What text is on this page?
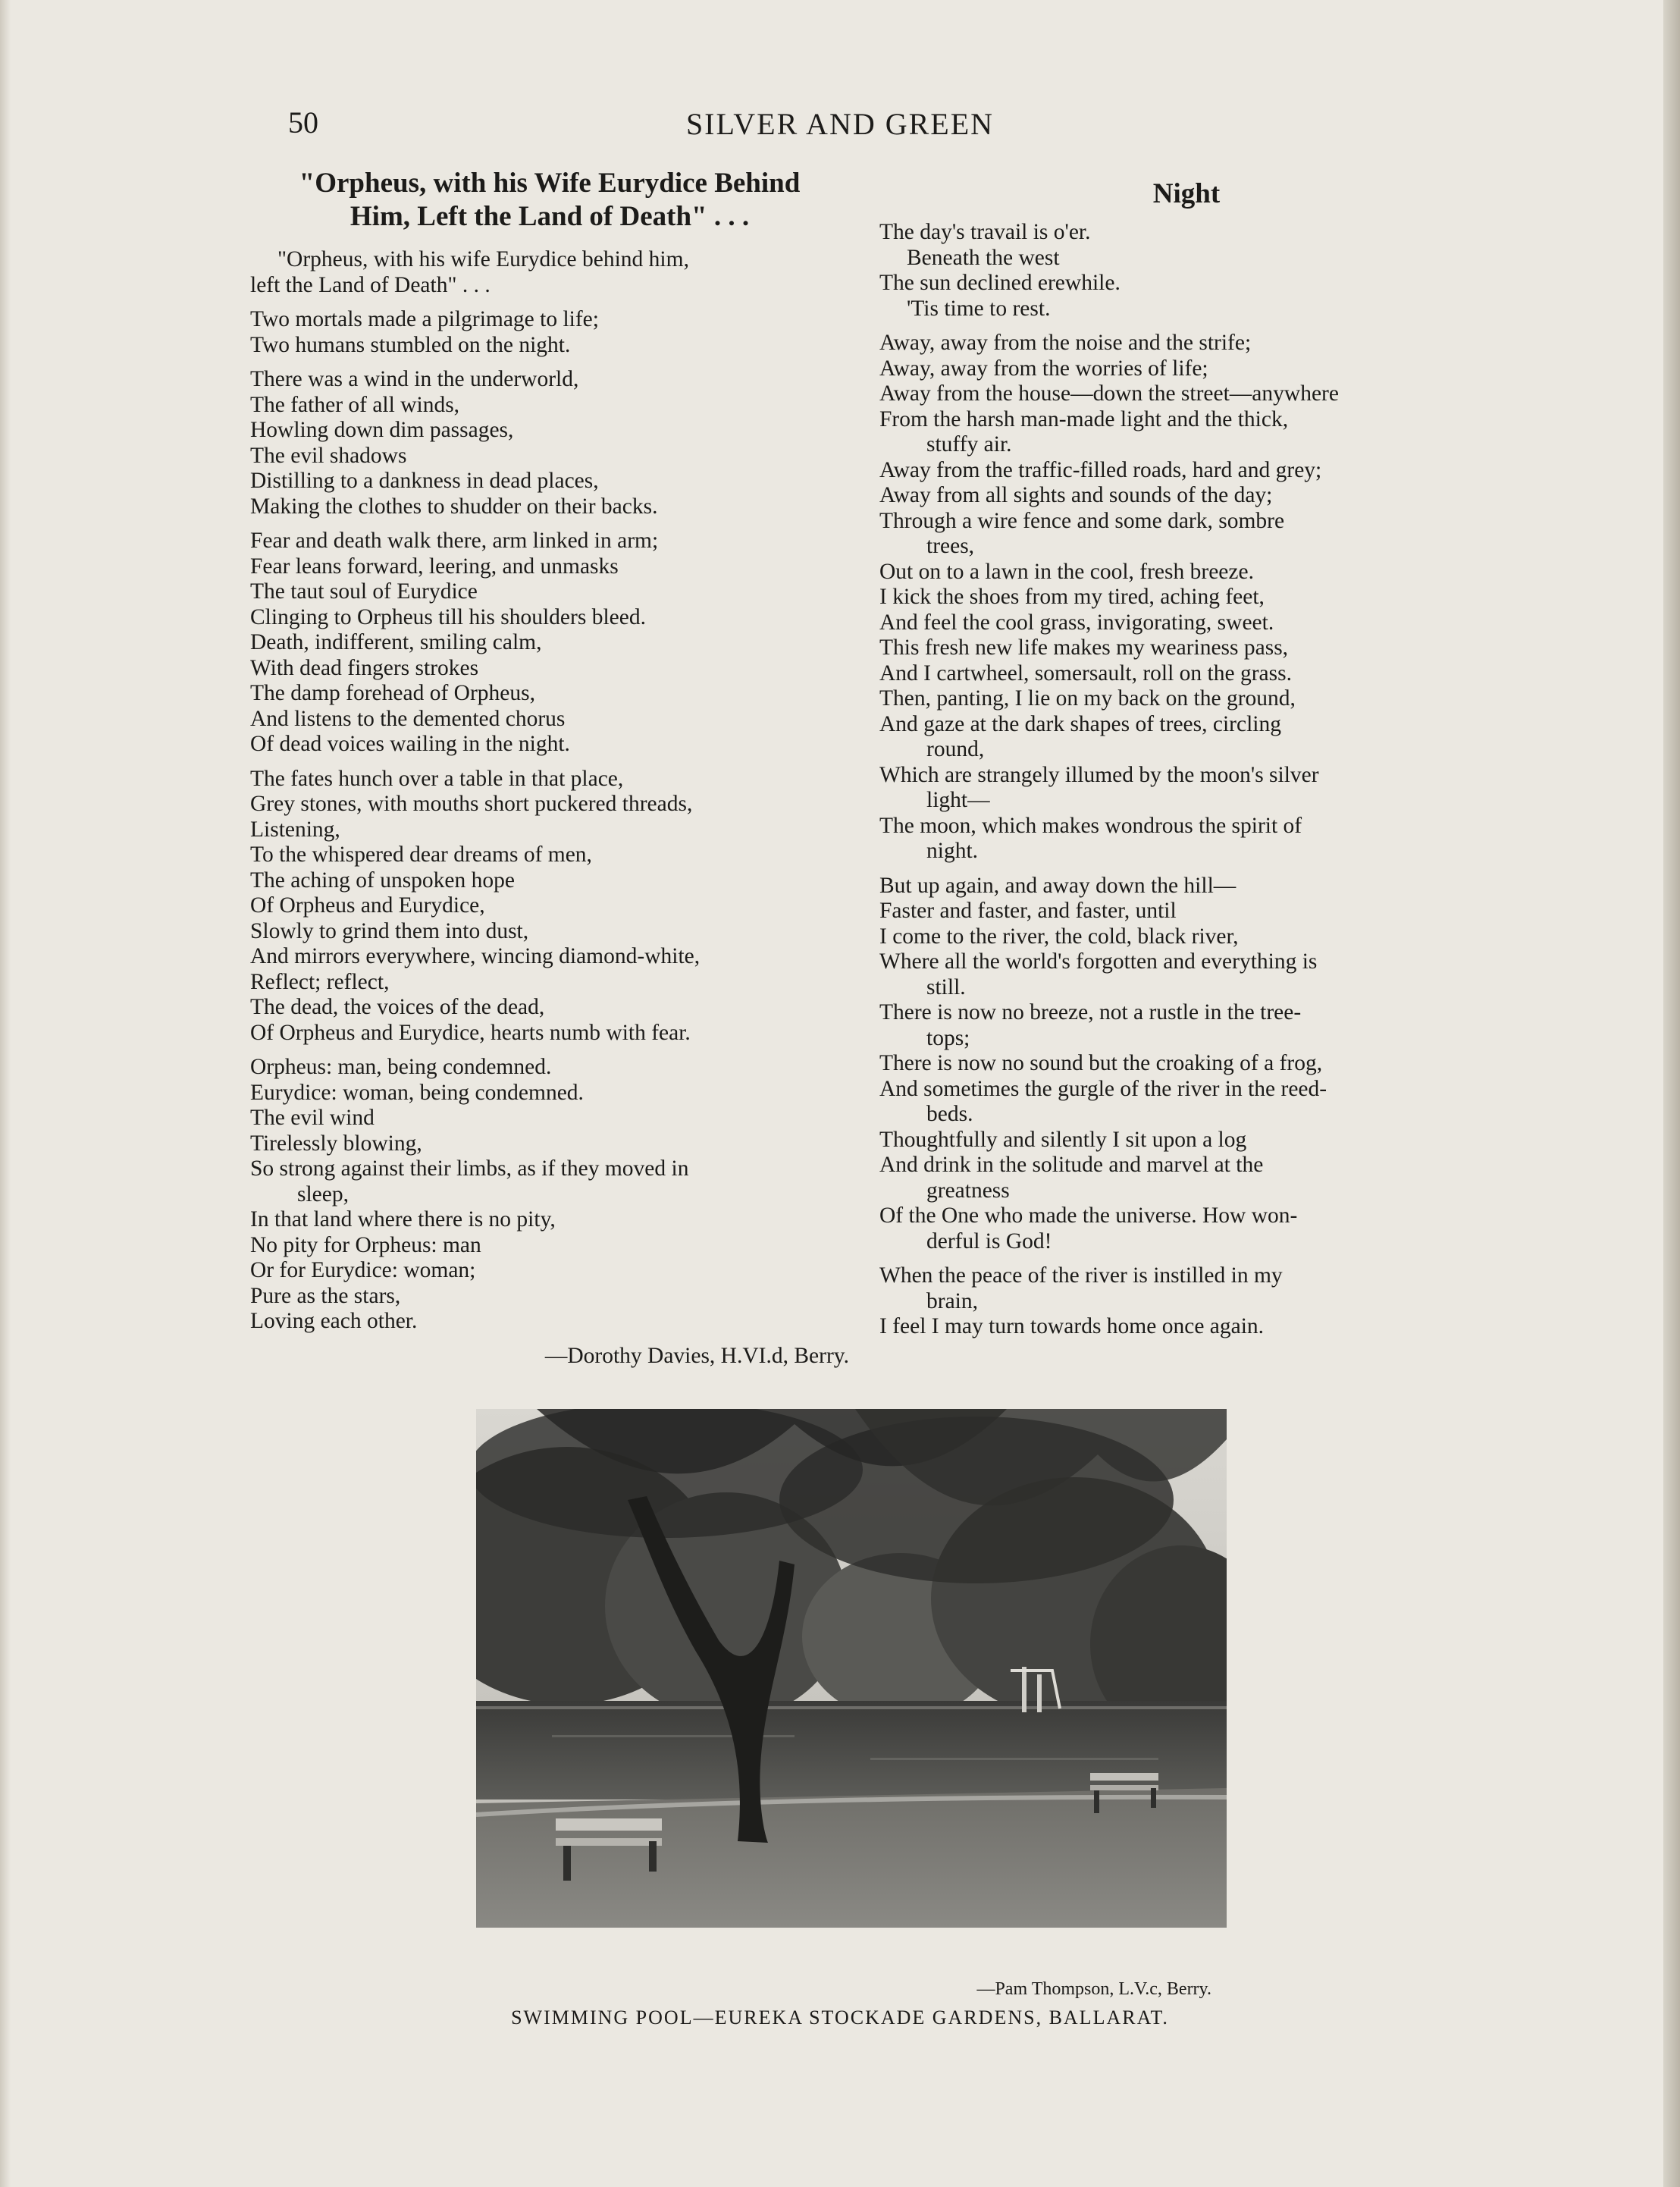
50	SILVER AND GREEN
"Orpheus, with his Wife Eurydice Behind
Him, Left the Land of Death" . . .
"Orpheus, with his wife Eurydice behind him,
left the Land of Death" . . .
Two mortals made a pilgrimage to life;
Two humans stumbled on the night.
There was a wind in the underworld,
The father of all winds,
Howling down dim passages,
The evil shadows
Distilling to a dankness in dead places,
Making the clothes to shudder on their backs.
Fear and death walk there, arm linked in arm;
Fear leans forward, leering, and unmasks
The taut soul of Eurydice
Clinging to Orpheus till his shoulders bleed.
Death, indifferent, smiling calm,
With dead fingers strokes
The damp forehead of Orpheus,
And listens to the demented chorus
Of dead voices wailing in the night.
The fates hunch over a table in that place,
Grey stones, with mouths short puckered threads,
Listening,
To the whispered dear dreams of men,
The aching of unspoken hope
Of Orpheus and Eurydice,
Slowly to grind them into dust,
And mirrors everywhere, wincing diamond-white,
Reflect; reflect,
The dead, the voices of the dead,
Of Orpheus and Eurydice, hearts numb with fear.
Orpheus: man, being condemned.
Eurydice: woman, being condemned.
The evil wind
Tirelessly blowing,
So strong against their limbs, as if they moved in
sleep,
In that land where there is no pity,
No pity for Orpheus: man
Or for Eurydice: woman;
Pure as the stars,
Loving each other.
—Dorothy Davies, H.VI.d, Berry.
Night
The day's travail is o'er.
Beneath the west
The sun declined erewhile.
'Tis time to rest.
Away, away from the noise and the strife;
Away, away from the worries of life;
Away from the house—down the street—anywhere
From the harsh man-made light and the thick,
stuffy air.
Away from the traffic-filled roads, hard and grey;
Away from all sights and sounds of the day;
Through a wire fence and some dark, sombre
trees,
Out on to a lawn in the cool, fresh breeze.
I kick the shoes from my tired, aching feet,
And feel the cool grass, invigorating, sweet.
This fresh new life makes my weariness pass,
And I cartwheel, somersault, roll on the grass.
Then, panting, I lie on my back on the ground,
And gaze at the dark shapes of trees, circling
round,
Which are strangely illumed by the moon's silver
light—
The moon, which makes wondrous the spirit of
night.
But up again, and away down the hill—
Faster and faster, and faster, until
I come to the river, the cold, black river,
Where all the world's forgotten and everything is
still.
There is now no breeze, not a rustle in the tree-
tops;
There is now no sound but the croaking of a frog,
And sometimes the gurgle of the river in the reed-
beds.
Thoughtfully and silently I sit upon a log
And drink in the solitude and marvel at the
greatness
Of the One who made the universe. How won-
derful is God!
When the peace of the river is instilled in my
brain,
I feel I may turn towards home once again.
—Pam Thompson, L.V.c, Berry.
SWIMMING POOL—EUREKA STOCKADE GARDENS, BALLARAT.
